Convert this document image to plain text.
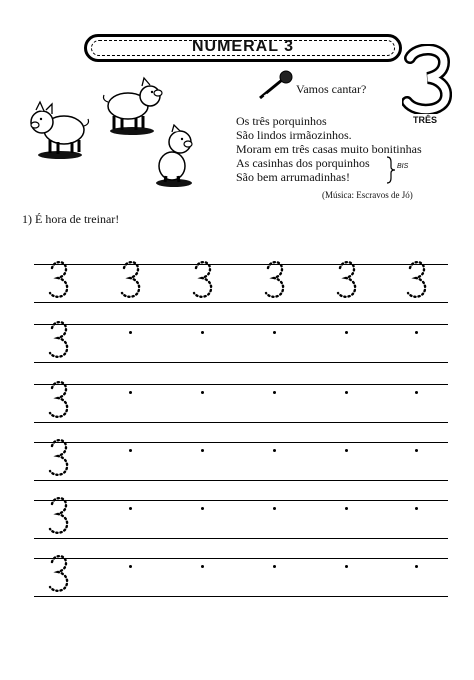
NUMERAL 3
TRÊS
Vamos cantar?
Os três porquinhos
São lindos irmãozinhos.
Moram em três casas muito bonitinhas
As casinhas dos porquinhos
São bem arrumadinhas!
BIS
(Música: Escravos de Jó)
1) É hora de treinar!
